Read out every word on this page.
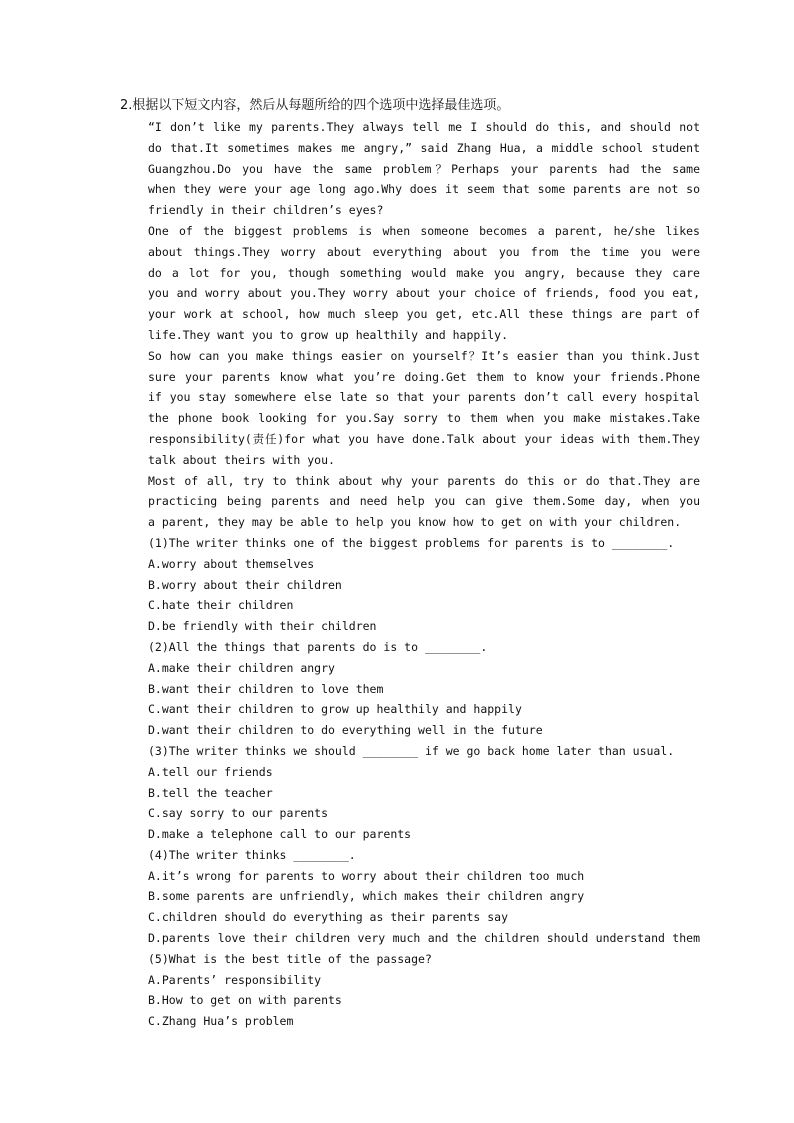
2.根据以下短文内容，然后从每题所给的四个选项中选择最佳选项。
“I don’t like my parents.They always tell me I should do this, and should not
do that.It sometimes makes me angry,” said Zhang Hua, a middle school student
Guangzhou.Do you have the same problem？Perhaps your parents had the same
when they were your age long ago.Why does it seem that some parents are not so
friendly in their children’s eyes?
One of the biggest problems is when someone becomes a parent, he/she likes
about things.They worry about everything about you from the time you were
do a lot for you, though something would make you angry, because they care
you and worry about you.They worry about your choice of friends, food you eat,
your work at school, how much sleep you get, etc.All these things are part of
life.They want you to grow up healthily and happily.
So how can you make things easier on yourself？It’s easier than you think.Just
sure your parents know what you’re doing.Get them to know your friends.Phone
if you stay somewhere else late so that your parents don’t call every hospital
the phone book looking for you.Say sorry to them when you make mistakes.Take
responsibility(责任)for what you have done.Talk about your ideas with them.They
talk about theirs with you.
Most of all, try to think about why your parents do this or do that.They are
practicing being parents and need help you can give them.Some day, when you
a parent, they may be able to help you know how to get on with your children.
(1)The writer thinks one of the biggest problems for parents is to ________.
A.worry about themselves
B.worry about their children
C.hate their children
D.be friendly with their children
(2)All the things that parents do is to ________.
A.make their children angry
B.want their children to love them
C.want their children to grow up healthily and happily
D.want their children to do everything well in the future
(3)The writer thinks we should ________ if we go back home later than usual.
A.tell our friends
B.tell the teacher
C.say sorry to our parents
D.make a telephone call to our parents
(4)The writer thinks ________.
A.it’s wrong for parents to worry about their children too much
B.some parents are unfriendly, which makes their children angry
C.children should do everything as their parents say
D.parents love their children very much and the children should understand them
(5)What is the best title of the passage?
A.Parents’ responsibility
B.How to get on with parents
C.Zhang Hua’s problem
